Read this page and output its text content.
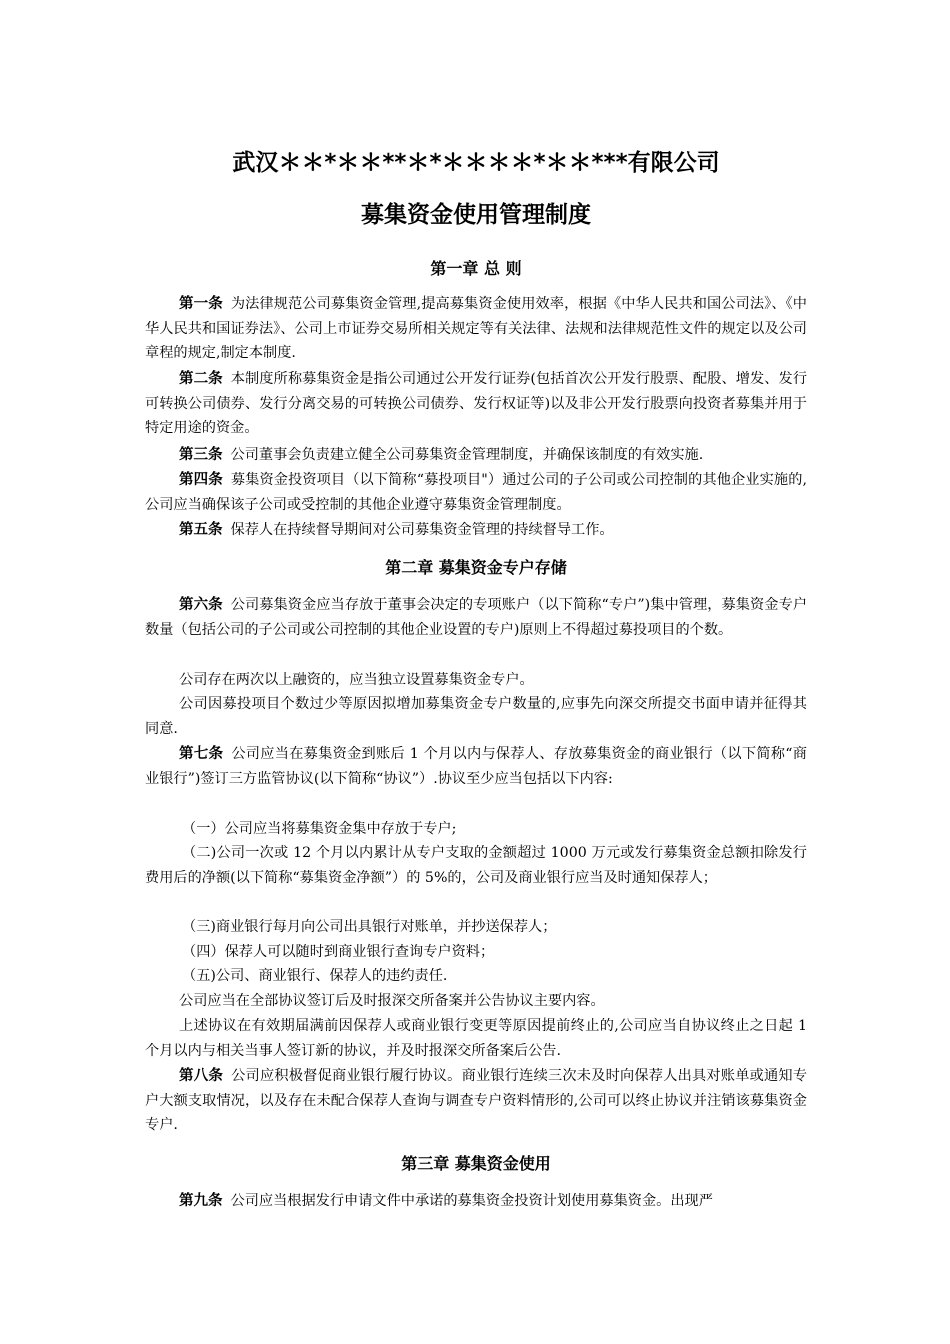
武汉＊＊*＊＊**＊*＊＊＊＊*＊＊***有限公司
募集资金使用管理制度
第一章 总 则

第一条 为法律规范公司募集资金管理,提高募集资金使用效率，根据《中华人民共和国公司法》、《中华人民共和国证券法》、公司上市证券交易所相关规定等有关法律、法规和法律规范性文件的规定以及公司章程的规定,制定本制度.

第二条 本制度所称募集资金是指公司通过公开发行证券(包括首次公开发行股票、配股、增发、发行可转换公司债券、发行分离交易的可转换公司债券、发行权证等)以及非公开发行股票向投资者募集并用于特定用途的资金。

第三条 公司董事会负责建立健全公司募集资金管理制度，并确保该制度的有效实施.

第四条 募集资金投资项目（以下简称“募投项目"）通过公司的子公司或公司控制的其他企业实施的,公司应当确保该子公司或受控制的其他企业遵守募集资金管理制度。

第五条 保荐人在持续督导期间对公司募集资金管理的持续督导工作。

第二章 募集资金专户存储

第六条 公司募集资金应当存放于董事会决定的专项账户（以下简称“专户”)集中管理，募集资金专户数量（包括公司的子公司或公司控制的其他企业设置的专户)原则上不得超过募投项目的个数。

公司存在两次以上融资的，应当独立设置募集资金专户。

公司因募投项目个数过少等原因拟增加募集资金专户数量的,应事先向深交所提交书面申请并征得其同意.

第七条 公司应当在募集资金到账后 1 个月以内与保荐人、存放募集资金的商业银行（以下简称“商业银行”)签订三方监管协议(以下简称“协议”）.协议至少应当包括以下内容:

（一）公司应当将募集资金集中存放于专户;

（二)公司一次或 12 个月以内累计从专户支取的金额超过 1000 万元或发行募集资金总额扣除发行费用后的净额(以下简称“募集资金净额”）的 5%的，公司及商业银行应当及时通知保荐人；

（三)商业银行每月向公司出具银行对账单，并抄送保荐人；

（四）保荐人可以随时到商业银行查询专户资料；

（五)公司、商业银行、保荐人的违约责任.

公司应当在全部协议签订后及时报深交所备案并公告协议主要内容。

上述协议在有效期届满前因保荐人或商业银行变更等原因提前终止的,公司应当自协议终止之日起 1 个月以内与相关当事人签订新的协议，并及时报深交所备案后公告.

第八条 公司应积极督促商业银行履行协议。商业银行连续三次未及时向保荐人出具对账单或通知专户大额支取情况，以及存在未配合保荐人查询与调查专户资料情形的,公司可以终止协议并注销该募集资金专户.

第三章 募集资金使用

第九条 公司应当根据发行申请文件中承诺的募集资金投资计划使用募集资金。出现严
